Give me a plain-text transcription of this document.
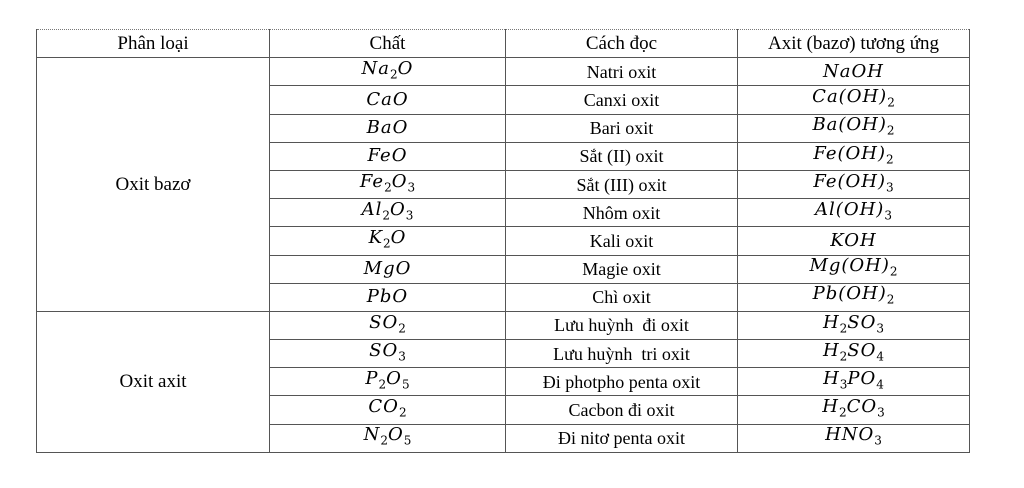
Phân loại	Chất	Cách đọc	Axit (bazơ) tương ứng
Oxit bazơ	$Na_2O$	Natri oxit	NaOH
	CaO	Canxi oxit	$Ca(OH)_2$
	BaO	Bari oxit	$Ba(OH)_2$
	FeO	Sắt (II) oxit	$Fe(OH)_2$
	$Fe_2O_3$	Sắt (III) oxit	$Fe(OH)_3$
	$Al_2O_3$	Nhôm oxit	$Al(OH)_3$
	$K_2O$	Kali oxit	KOH
	MgO	Magie oxit	$Mg(OH)_2$
	PbO	Chì oxit	$Pb(OH)_2$
Oxit axit	$SO_2$	Lưu huỳnh  đi oxit	$H_2SO_3$
	$SO_3$	Lưu huỳnh  tri oxit	$H_2SO_4$
	$P_2O_5$	Đi photpho penta oxit	$H_3PO_4$
	$CO_2$	Cacbon đi oxit	$H_2CO_3$
	$N_2O_5$	Đi nitơ penta oxit	$HNO_3$
